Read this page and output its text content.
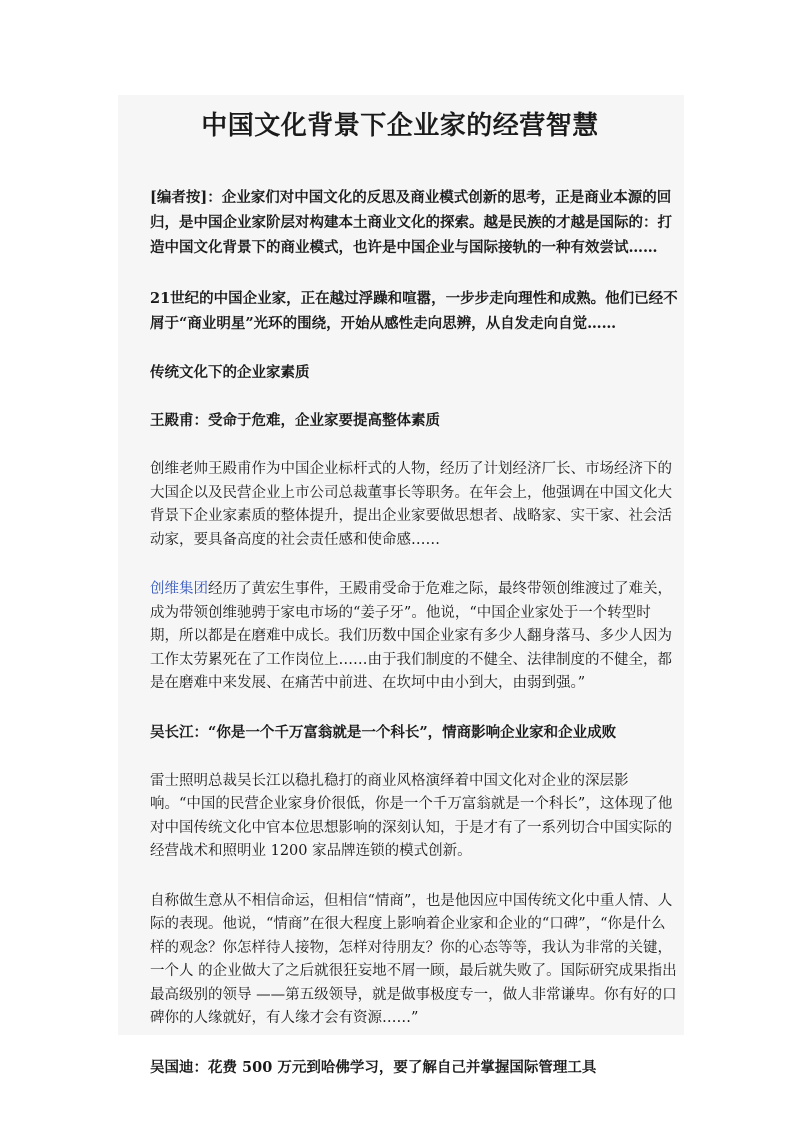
中国文化背景下企业家的经营智慧

[编者按]：企业家们对中国文化的反思及商业模式创新的思考，正是商业本源的回归，是中国企业家阶层对构建本土商业文化的探索。越是民族的才越是国际的：打造中国文化背景下的商业模式，也许是中国企业与国际接轨的一种有效尝试……

21世纪的中国企业家，正在越过浮躁和喧嚣，一步步走向理性和成熟。他们已经不屑于“商业明星”光环的围绕，开始从感性走向思辨，从自发走向自觉……

传统文化下的企业家素质

王殿甫：受命于危难，企业家要提高整体素质

创维老帅王殿甫作为中国企业标杆式的人物，经历了计划经济厂长、市场经济下的大国企以及民营企业上市公司总裁董事长等职务。在年会上，他强调在中国文化大背景下企业家素质的整体提升，提出企业家要做思想者、战略家、实干家、社会活动家，要具备高度的社会责任感和使命感……

创维集团经历了黄宏生事件，王殿甫受命于危难之际，最终带领创维渡过了难关，成为带领创维驰骋于家电市场的“姜子牙”。他说，“中国企业家处于一个转型时期，所以都是在磨难中成长。我们历数中国企业家有多少人翻身落马、多少人因为工作太劳累死在了工作岗位上……由于我们制度的不健全、法律制度的不健全，都是在磨难中来发展、在痛苦中前进、在坎坷中由小到大，由弱到强。”

吴长江：“你是一个千万富翁就是一个科长”，情商影响企业家和企业成败

雷士照明总裁吴长江以稳扎稳打的商业风格演绎着中国文化对企业的深层影响。“中国的民营企业家身价很低，你是一个千万富翁就是一个科长”，这体现了他对中国传统文化中官本位思想影响的深刻认知，于是才有了一系列切合中国实际的经营战术和照明业 1200 家品牌连锁的模式创新。

自称做生意从不相信命运，但相信“情商”，也是他因应中国传统文化中重人情、人际的表现。他说，“情商”在很大程度上影响着企业家和企业的“口碑”，“你是什么样的观念？你怎样待人接物，怎样对待朋友？你的心态等等，我认为非常的关键，一个人 的企业做大了之后就很狂妄地不屑一顾，最后就失败了。国际研究成果指出最高级别的领导 ——第五级领导，就是做事极度专一，做人非常谦卑。你有好的口碑你的人缘就好，有人缘才会有资源……”

吴国迪：花费 500 万元到哈佛学习，要了解自己并掌握国际管理工具
